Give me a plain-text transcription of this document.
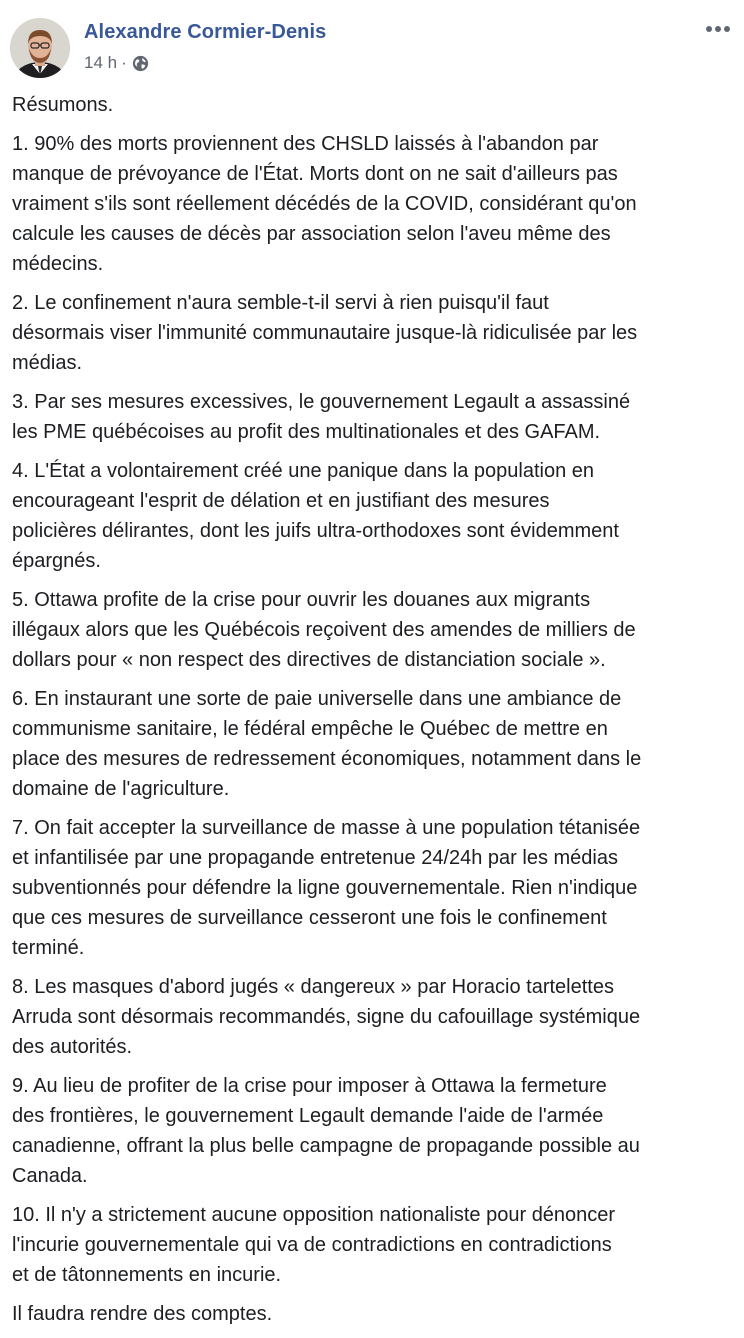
Alexandre Cormier-Denis
14 h ·

Résumons.

1. 90% des morts proviennent des CHSLD laissés à l'abandon par
manque de prévoyance de l'État. Morts dont on ne sait d'ailleurs pas
vraiment s'ils sont réellement décédés de la COVID, considérant qu'on
calcule les causes de décès par association selon l'aveu même des
médecins.

2. Le confinement n'aura semble-t-il servi à rien puisqu'il faut
désormais viser l'immunité communautaire jusque-là ridiculisée par les
médias.

3. Par ses mesures excessives, le gouvernement Legault a assassiné
les PME québécoises au profit des multinationales et des GAFAM.

4. L'État a volontairement créé une panique dans la population en
encourageant l'esprit de délation et en justifiant des mesures
policières délirantes, dont les juifs ultra-orthodoxes sont évidemment
épargnés.

5. Ottawa profite de la crise pour ouvrir les douanes aux migrants
illégaux alors que les Québécois reçoivent des amendes de milliers de
dollars pour « non respect des directives de distanciation sociale ».

6. En instaurant une sorte de paie universelle dans une ambiance de
communisme sanitaire, le fédéral empêche le Québec de mettre en
place des mesures de redressement économiques, notamment dans le
domaine de l'agriculture.

7. On fait accepter la surveillance de masse à une population tétanisée
et infantilisée par une propagande entretenue 24/24h par les médias
subventionnés pour défendre la ligne gouvernementale. Rien n'indique
que ces mesures de surveillance cesseront une fois le confinement
terminé.

8. Les masques d'abord jugés « dangereux » par Horacio tartelettes
Arruda sont désormais recommandés, signe du cafouillage systémique
des autorités.

9. Au lieu de profiter de la crise pour imposer à Ottawa la fermeture
des frontières, le gouvernement Legault demande l'aide de l'armée
canadienne, offrant la plus belle campagne de propagande possible au
Canada.

10. Il n'y a strictement aucune opposition nationaliste pour dénoncer
l'incurie gouvernementale qui va de contradictions en contradictions
et de tâtonnements en incurie.

Il faudra rendre des comptes.
